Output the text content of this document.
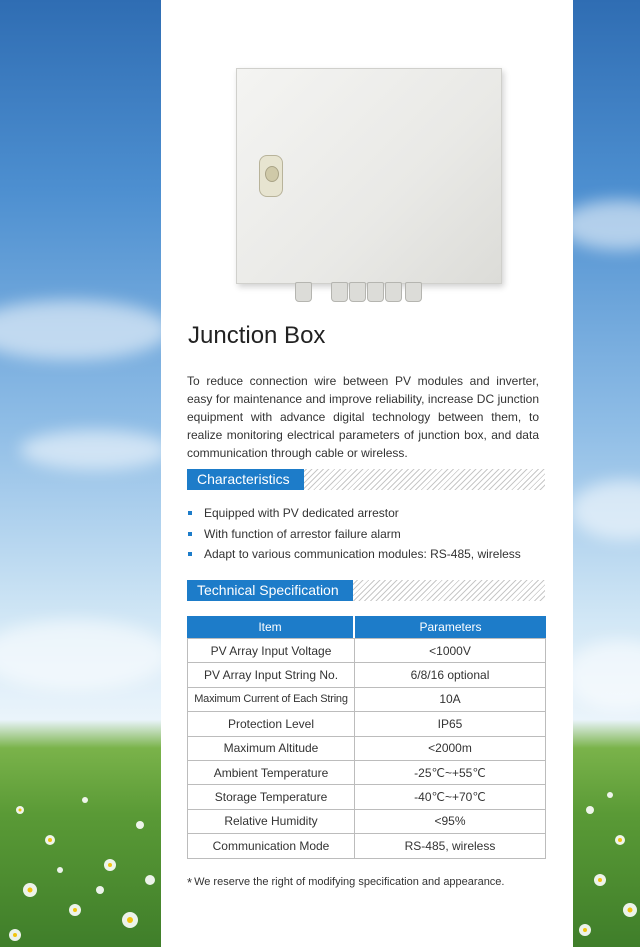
Junction Box

To reduce connection wire between PV modules and inverter, easy for maintenance and improve reliability, increase DC junction equipment with advance digital technology between them, to realize monitoring electrical parameters of junction box, and data communication through cable or wireless.

Characteristics
Equipped with PV dedicated arrestor
With function of arrestor failure alarm
Adapt to various communication modules: RS-485, wireless
Technical Specification
Item	Parameters
PV Array Input Voltage	<1000V
PV Array Input String No.	6/8/16 optional
Maximum Current of Each String	10A
Protection Level	IP65
Maximum Altitude	<2000m
Ambient Temperature	-25℃~+55℃
Storage Temperature	-40℃~+70℃
Relative Humidity	<95%
Communication Mode	RS-485, wireless
* We reserve the right of modifying specification and appearance.
